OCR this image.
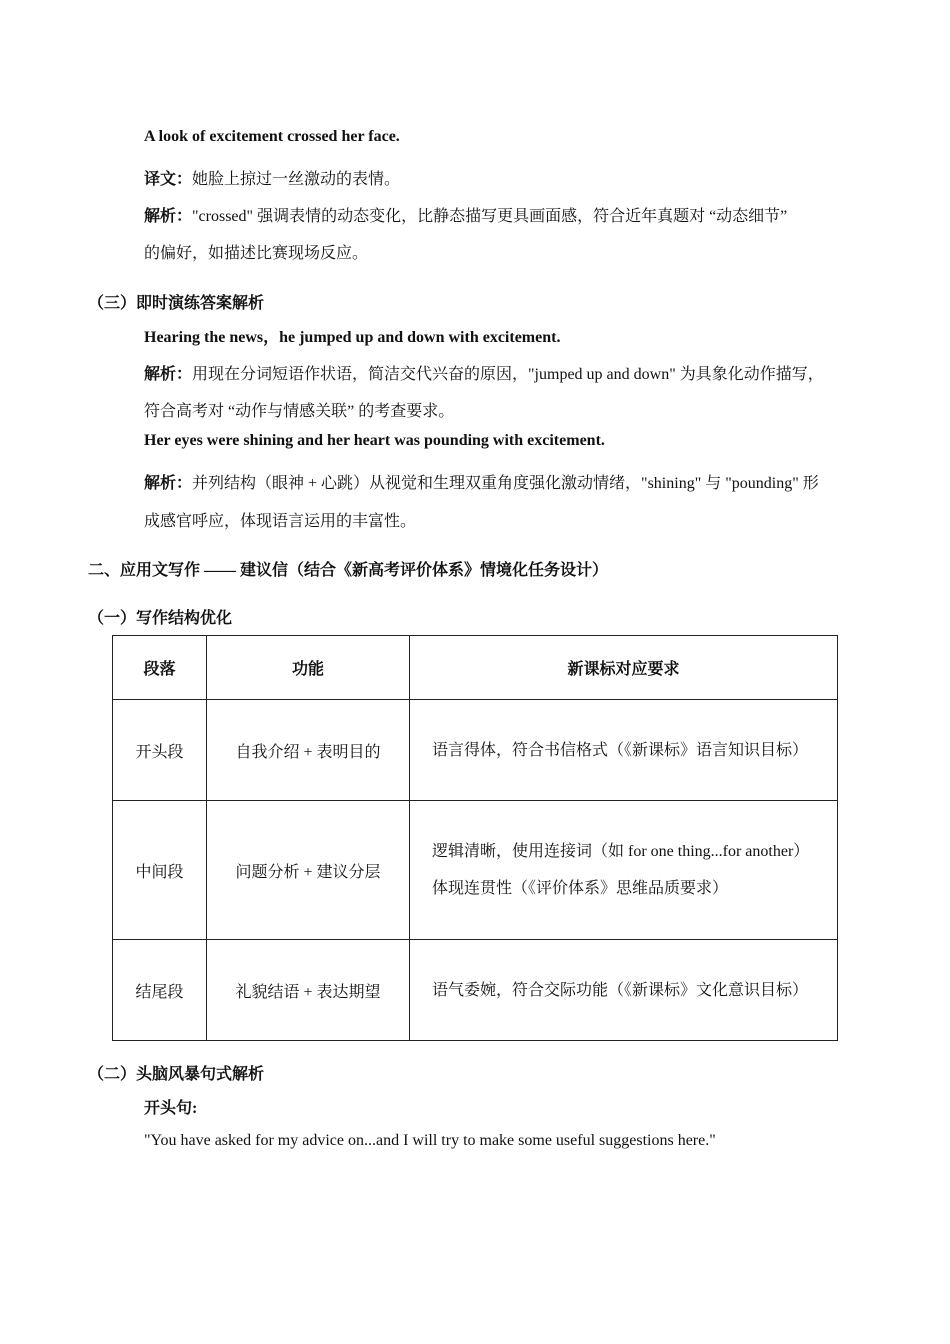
A look of excitement crossed her face.
译文：她脸上掠过一丝激动的表情。
解析："crossed" 强调表情的动态变化，比静态描写更具画面感，符合近年真题对 “动态细节”
的偏好，如描述比赛现场反应。
（三）即时演练答案解析
Hearing the news，he jumped up and down with excitement.
解析：用现在分词短语作状语，简洁交代兴奋的原因，"jumped up and down" 为具象化动作描写，
符合高考对 “动作与情感关联” 的考查要求。
Her eyes were shining and her heart was pounding with excitement.
解析：并列结构（眼神 + 心跳）从视觉和生理双重角度强化激动情绪，"shining" 与 "pounding" 形
成感官呼应，体现语言运用的丰富性。
二、应用文写作 —— 建议信（结合《新高考评价体系》情境化任务设计）
（一）写作结构优化
段落	功能	新课标对应要求
开头段	自我介绍 + 表明目的	语言得体，符合书信格式（《新课标》语言知识目标）
中间段	问题分析 + 建议分层	逻辑清晰，使用连接词（如 for one thing...for another）体现连贯性（《评价体系》思维品质要求）
结尾段	礼貌结语 + 表达期望	语气委婉，符合交际功能（《新课标》文化意识目标）
（二）头脑风暴句式解析
开头句:
"You have asked for my advice on...and I will try to make some useful suggestions here."
